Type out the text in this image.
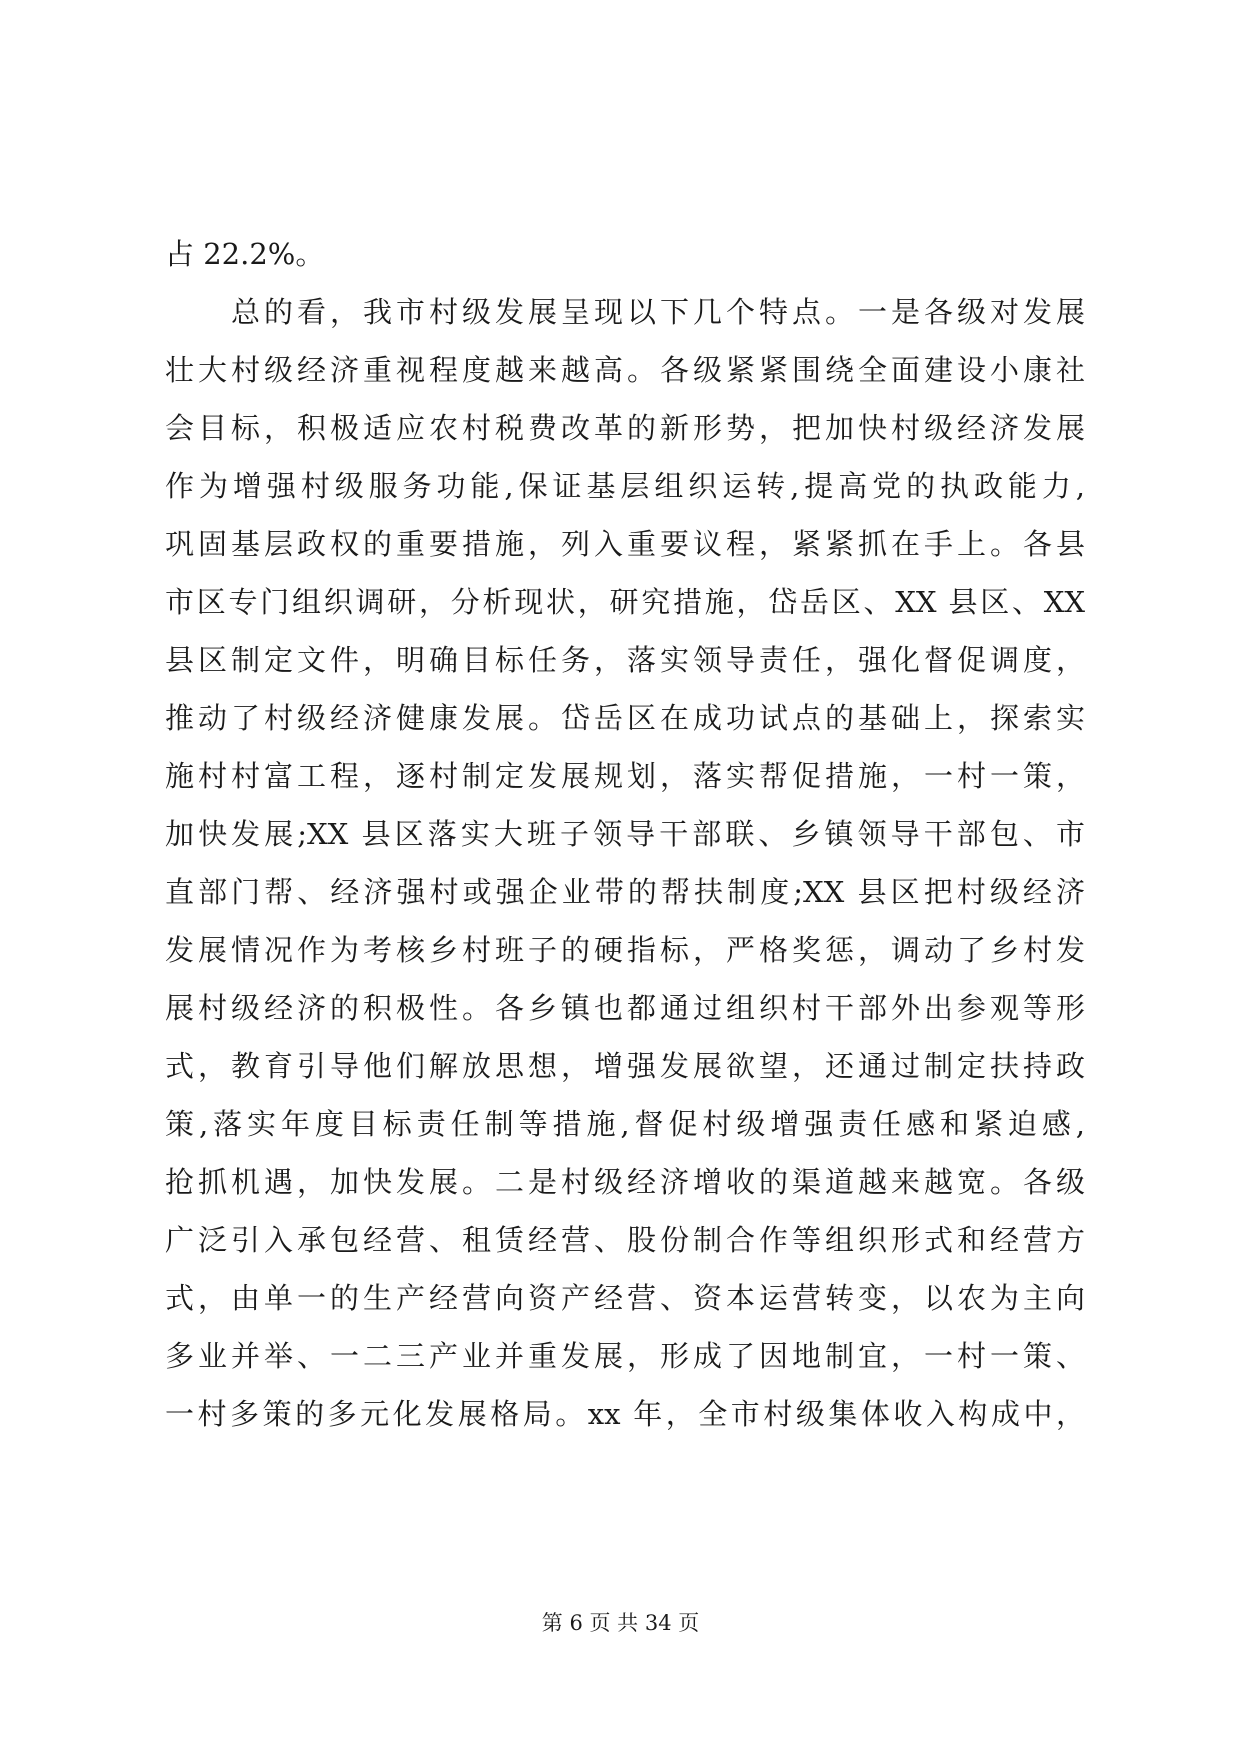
占 22.2%。
　　总的看，我市村级发展呈现以下几个特点。一是各级对发展
壮大村级经济重视程度越来越高。各级紧紧围绕全面建设小康社
会目标，积极适应农村税费改革的新形势，把加快村级经济发展
作为增强村级服务功能,保证基层组织运转,提高党的执政能力,
巩固基层政权的重要措施，列入重要议程，紧紧抓在手上。各县
市区专门组织调研，分析现状，研究措施，岱岳区、XX 县区、XX
县区制定文件，明确目标任务，落实领导责任，强化督促调度，
推动了村级经济健康发展。岱岳区在成功试点的基础上，探索实
施村村富工程，逐村制定发展规划，落实帮促措施，一村一策，
加快发展;XX 县区落实大班子领导干部联、乡镇领导干部包、市
直部门帮、经济强村或强企业带的帮扶制度;XX 县区把村级经济
发展情况作为考核乡村班子的硬指标，严格奖惩，调动了乡村发
展村级经济的积极性。各乡镇也都通过组织村干部外出参观等形
式，教育引导他们解放思想，增强发展欲望，还通过制定扶持政
策,落实年度目标责任制等措施,督促村级增强责任感和紧迫感,
抢抓机遇，加快发展。二是村级经济增收的渠道越来越宽。各级
广泛引入承包经营、租赁经营、股份制合作等组织形式和经营方
式，由单一的生产经营向资产经营、资本运营转变，以农为主向
多业并举、一二三产业并重发展，形成了因地制宜，一村一策、
一村多策的多元化发展格局。xx 年，全市村级集体收入构成中，
第 6 页 共 34 页
